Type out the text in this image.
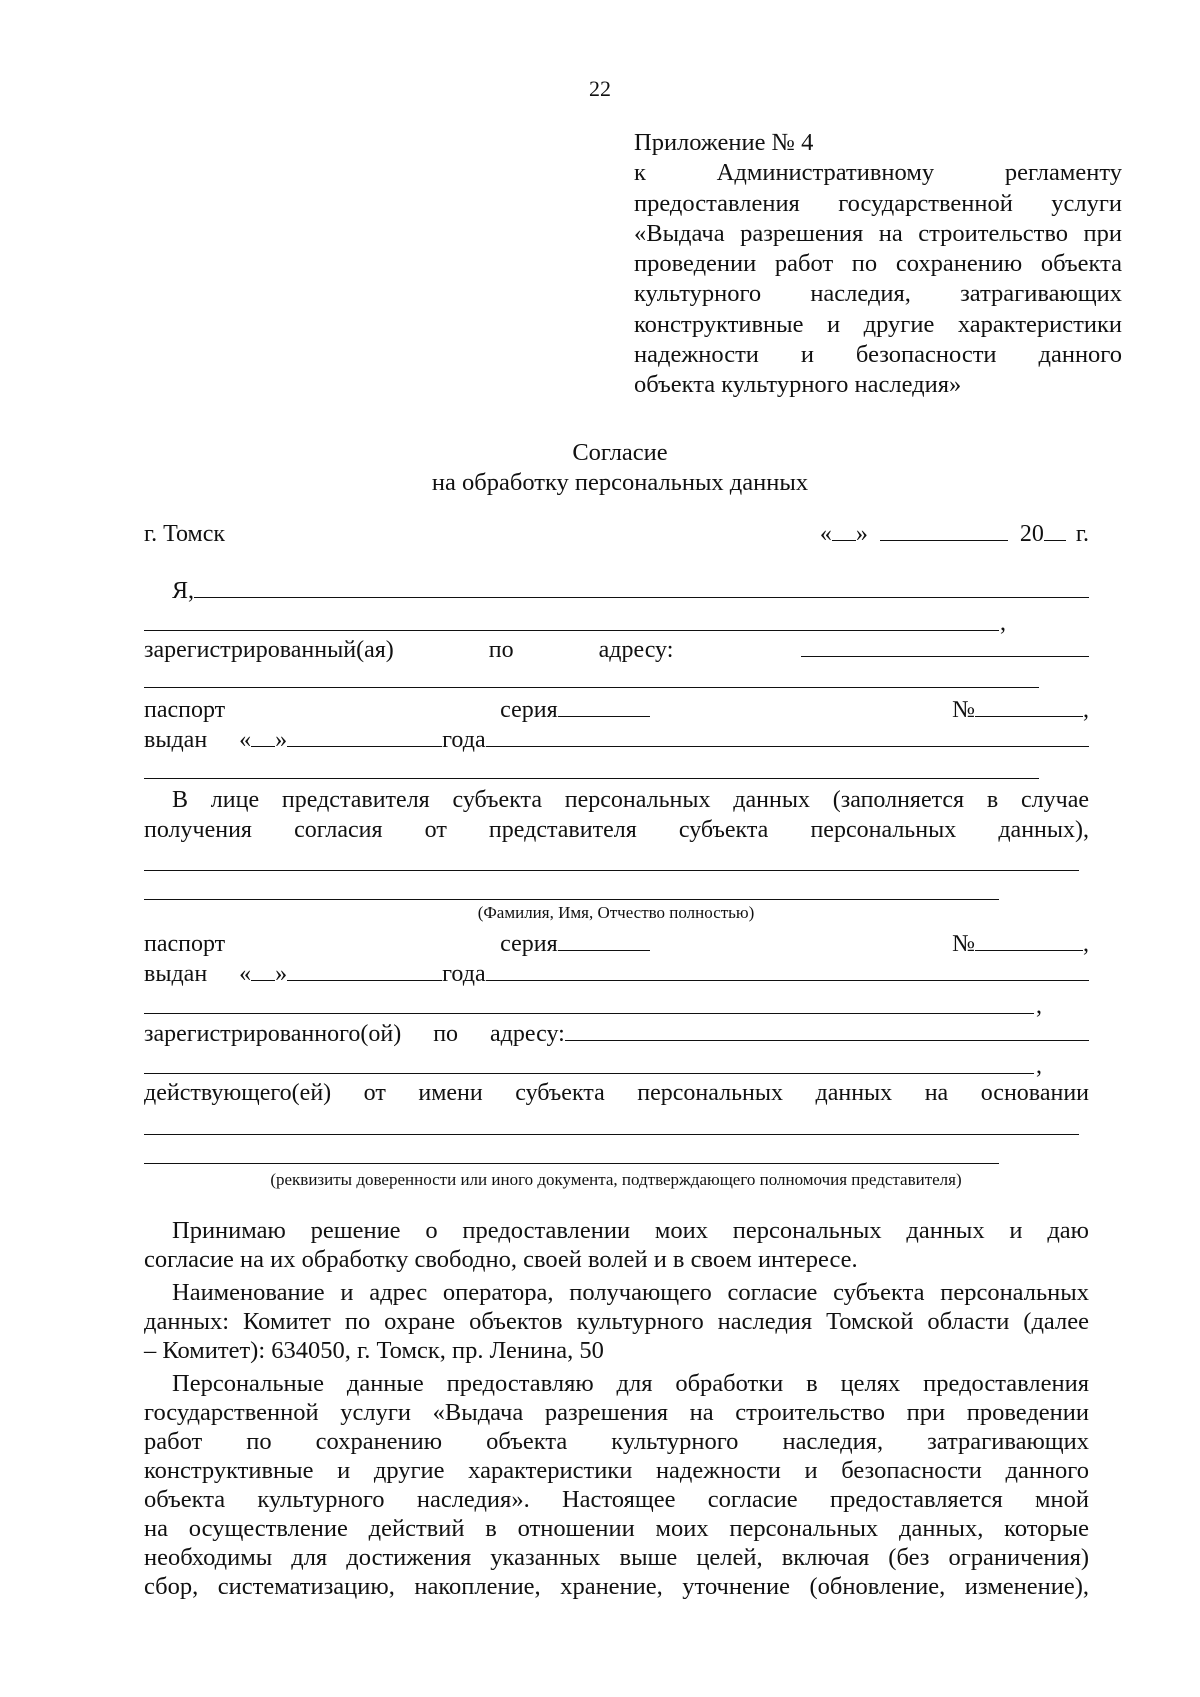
22
Приложение № 4
к Административному регламенту
предоставления государственной услуги
«Выдача разрешения на строительство при
проведении работ по сохранению объекта
культурного наследия, затрагивающих
конструктивные и другие характеристики
надежности и безопасности данного
объекта культурного наследия»
Согласие
на обработку персональных данных
г. Томск	« »	20 г.
Я,
,
зарегистрированный(ая)	по	адресу:
паспорт	серия	№	,
выдан « »	года
В лице представителя субъекта персональных данных (заполняется в случае
получения согласия от представителя субъекта персональных данных),
(Фамилия, Имя, Отчество полностью)
паспорт	серия	№	,
выдан « »	года
,
зарегистрированного(ой) по адресу:
,
действующего(ей) от имени субъекта персональных данных на основании
(реквизиты доверенности или иного документа, подтверждающего полномочия представителя)
Принимаю решение о предоставлении моих персональных данных и даю
согласие на их обработку свободно, своей волей и в своем интересе.
Наименование и адрес оператора, получающего согласие субъекта персональных
данных: Комитет по охране объектов культурного наследия Томской области (далее
– Комитет): 634050, г. Томск, пр. Ленина, 50
Персональные данные предоставляю для обработки в целях предоставления
государственной услуги «Выдача разрешения на строительство при проведении
работ по сохранению объекта культурного наследия, затрагивающих
конструктивные и другие характеристики надежности и безопасности данного
объекта культурного наследия». Настоящее согласие предоставляется мной
на осуществление действий в отношении моих персональных данных, которые
необходимы для достижения указанных выше целей, включая (без ограничения)
сбор, систематизацию, накопление, хранение, уточнение (обновление, изменение),
